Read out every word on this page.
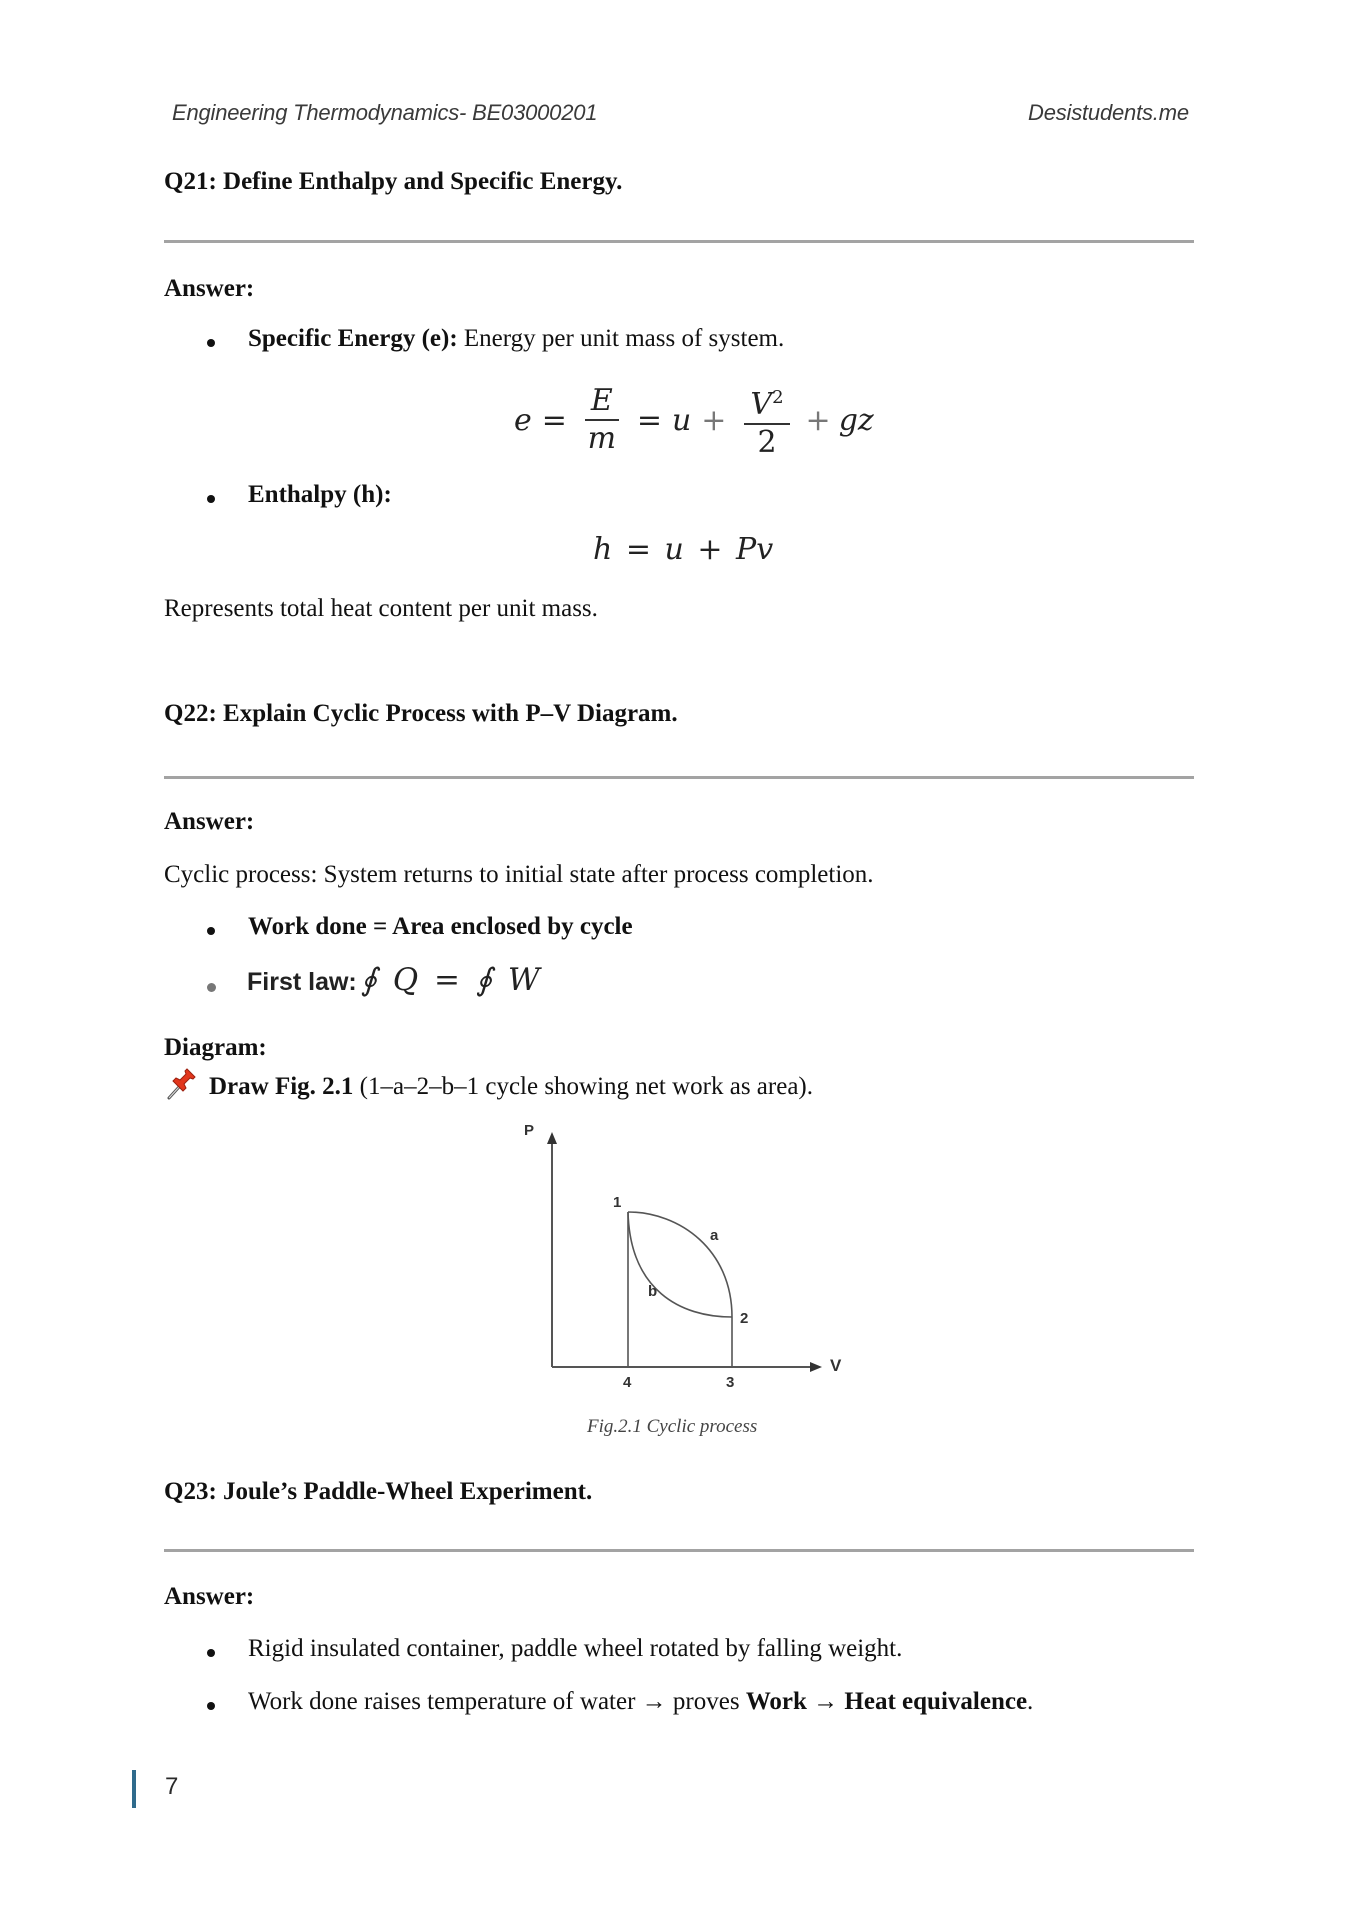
Engineering Thermodynamics- BE03000201	Desistudents.me
Q21: Define Enthalpy and Specific Energy.
Answer:
Specific Energy (e): Energy per unit mass of system.
$e = \frac{E}{m} = u + \frac{V^2}{2}$ + gz
Enthalpy (h):
h = u + Pv
Represents total heat content per unit mass.
Q22: Explain Cyclic Process with P–V Diagram.
Answer:
Cyclic process: System returns to initial state after process completion.
Work done = Area enclosed by cycle
First law: ∮ Q = ∮ W
Diagram:
Draw Fig. 2.1 (1–a–2–b–1 cycle showing net work as area).
P
V
1
2
3
4
a
b
Fig.2.1 Cyclic process
Q23: Joule’s Paddle-Wheel Experiment.
Answer:
Rigid insulated container, paddle wheel rotated by falling weight.
Work done raises temperature of water → proves Work → Heat equivalence.
7
